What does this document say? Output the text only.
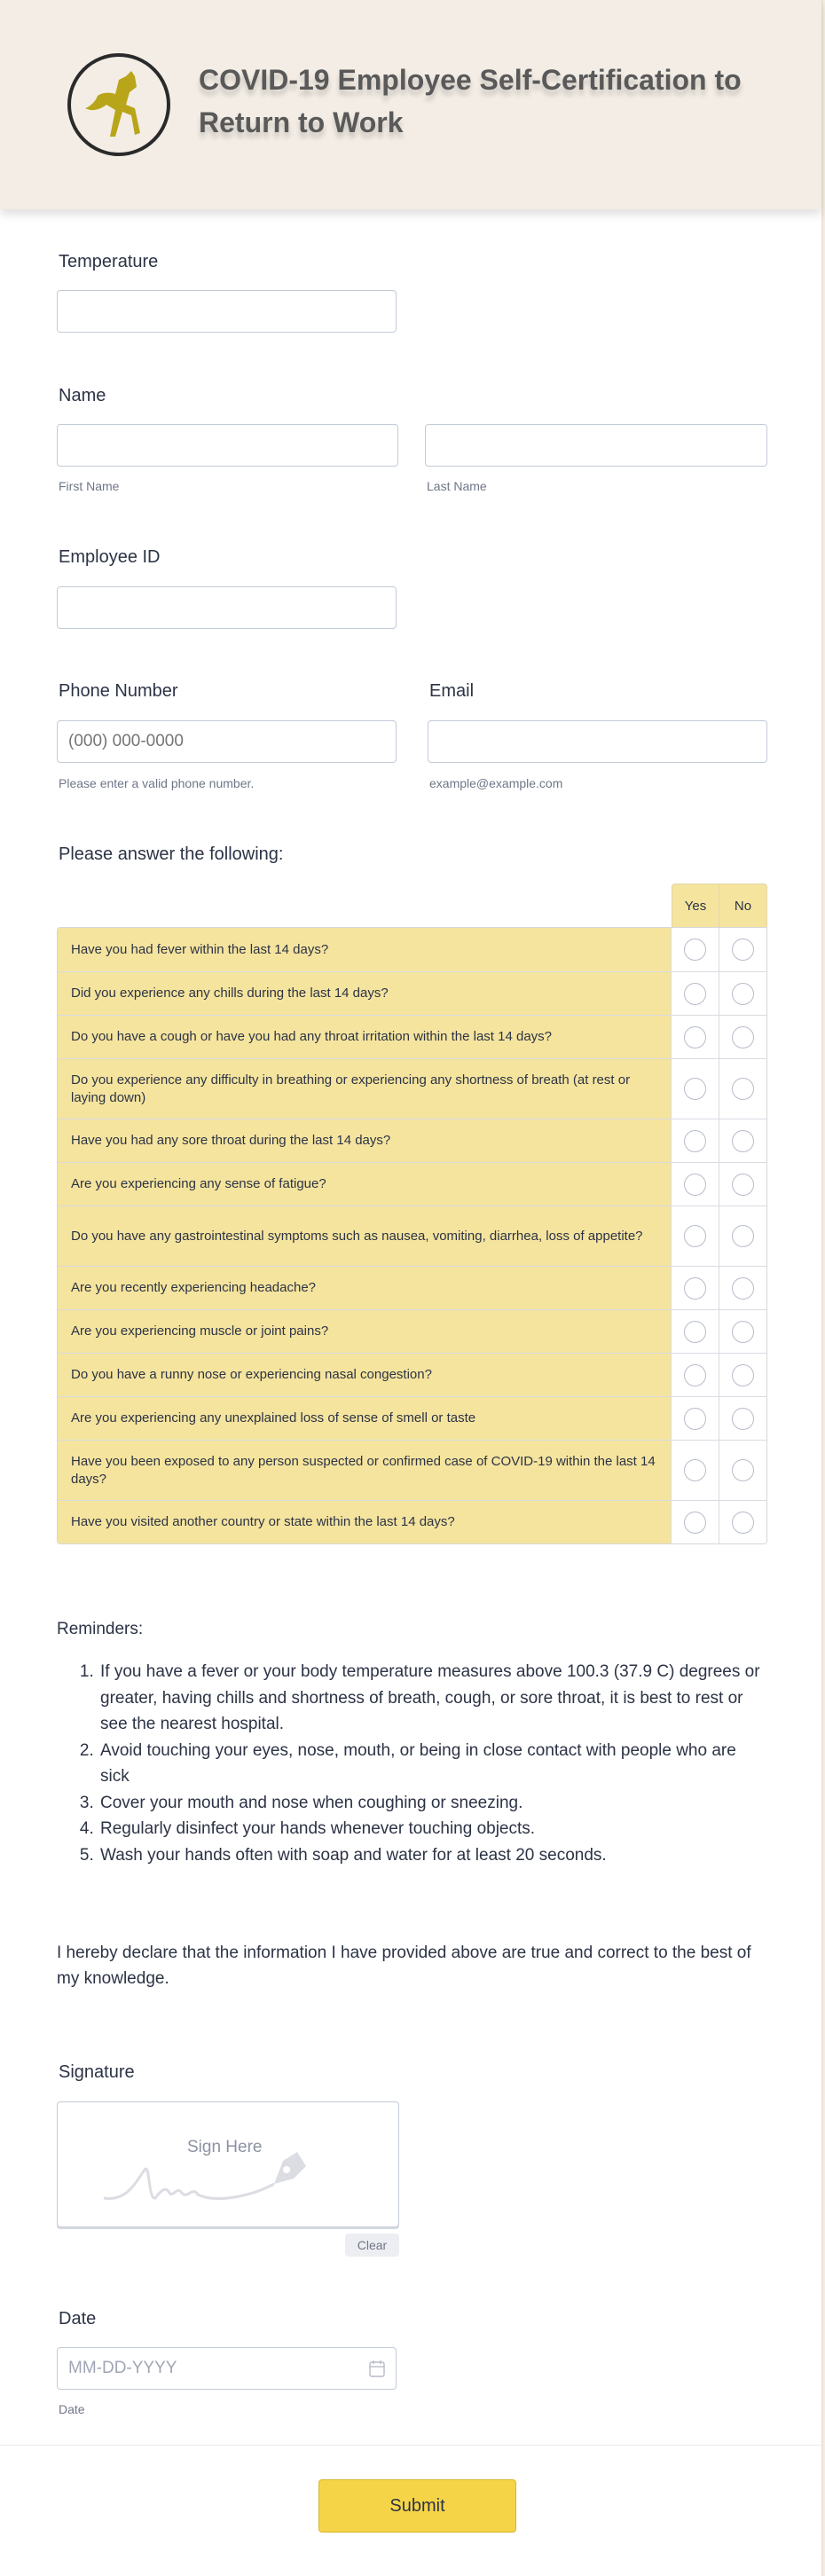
COVID-19 Employee Self-Certification to Return to Work
Temperature
Name
First Name	Last Name
Employee ID
Phone Number
(000) 000-0000
Please enter a valid phone number.
Email
example@example.com
Please answer the following:
Yes	No
Have you had fever within the last 14 days?
Did you experience any chills during the last 14 days?
Do you have a cough or have you had any throat irritation within the last 14 days?
Do you experience any difficulty in breathing or experiencing any shortness of breath (at rest or laying down)
Have you had any sore throat during the last 14 days?
Are you experiencing any sense of fatigue?
Do you have any gastrointestinal symptoms such as nausea, vomiting, diarrhea, loss of appetite?
Are you recently experiencing headache?
Are you experiencing muscle or joint pains?
Do you have a runny nose or experiencing nasal congestion?
Are you experiencing any unexplained loss of sense of smell or taste
Have you been exposed to any person suspected or confirmed case of COVID-19 within the last 14 days?
Have you visited another country or state within the last 14 days?
Reminders:
1. If you have a fever or your body temperature measures above 100.3 (37.9 C) degrees or greater, having chills and shortness of breath, cough, or sore throat, it is best to rest or see the nearest hospital.
2. Avoid touching your eyes, nose, mouth, or being in close contact with people who are sick
3. Cover your mouth and nose when coughing or sneezing.
4. Regularly disinfect your hands whenever touching objects.
5. Wash your hands often with soap and water for at least 20 seconds.
I hereby declare that the information I have provided above are true and correct to the best of my knowledge.
Signature
Sign Here
Clear
Date
MM-DD-YYYY
Date
Submit
